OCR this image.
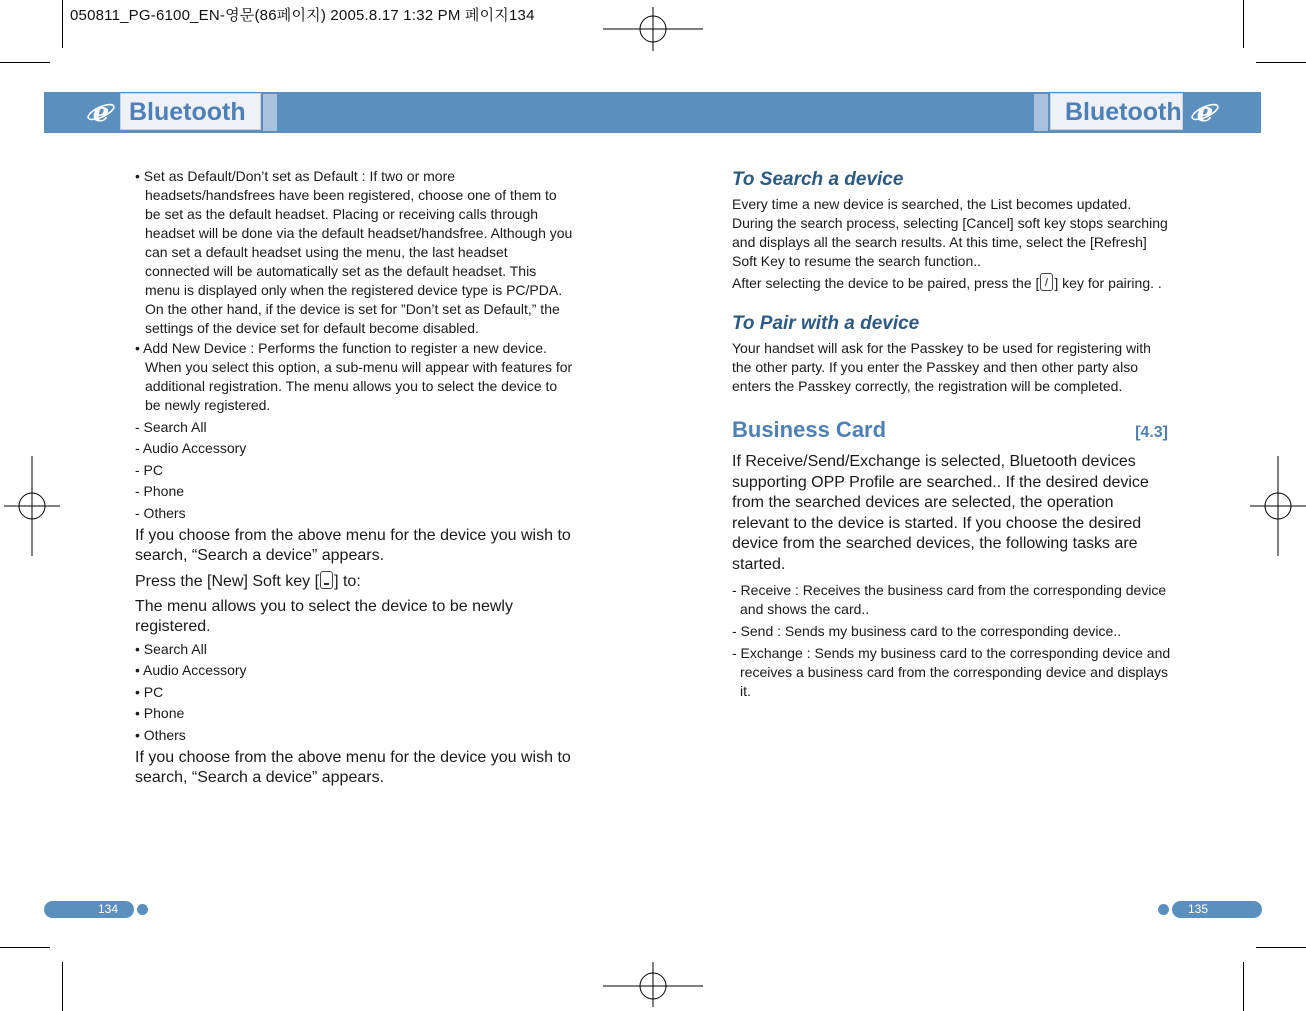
050811_PG-6100_EN-영문(86페이지) 2005.8.17 1:32 PM 페이지134
Bluetooth	Bluetooth
e	e

• Set as Default/Don’t set as Default : If two or more headsets/handsfrees have been registered, choose one of them to be set as the default headset. Placing or receiving calls through headset will be done via the default headset/handsfree. Although you can set a default headset using the menu, the last headset connected will be automatically set as the default headset. This menu is displayed only when the registered device type is PC/PDA. On the other hand, if the device is set for ”Don’t set as Default,” the settings of the device set for default become disabled.

• Add New Device : Performs the function to register a new device. When you select this option, a sub-menu will appear with features for additional registration. The menu allows you to select the device to be newly registered.

- Search All

- Audio Accessory

- PC

- Phone

- Others

If you choose from the above menu for the device you wish to search, “Search a device” appears.

Press the [New] Soft key [ ] to:

The menu allows you to select the device to be newly registered.

• Search All

• Audio Accessory

• PC

• Phone

• Others

If you choose from the above menu for the device you wish to search, “Search a device” appears.

To Search a device

Every time a new device is searched, the List becomes updated. During the search process, selecting [Cancel] soft key stops searching and displays all the search results. At this time, select the [Refresh] Soft Key to resume the search function..

After selecting the device to be paired, press the [ ] key for pairing. .

To Pair with a device

Your handset will ask for the Passkey to be used for registering with the other party. If you enter the Passkey and then other party also enters the Passkey correctly, the registration will be completed.

Business Card	[4.3]

If Receive/Send/Exchange is selected, Bluetooth devices supporting OPP Profile are searched.. If the desired device from the searched devices are selected, the operation relevant to the device is started. If you choose the desired device from the searched devices, the following tasks are started.

- Receive : Receives the business card from the corresponding device and shows the card..

- Send : Sends my business card to the corresponding device..

- Exchange : Sends my business card to the corresponding device and receives a business card from the corresponding device and displays it.

134	135
